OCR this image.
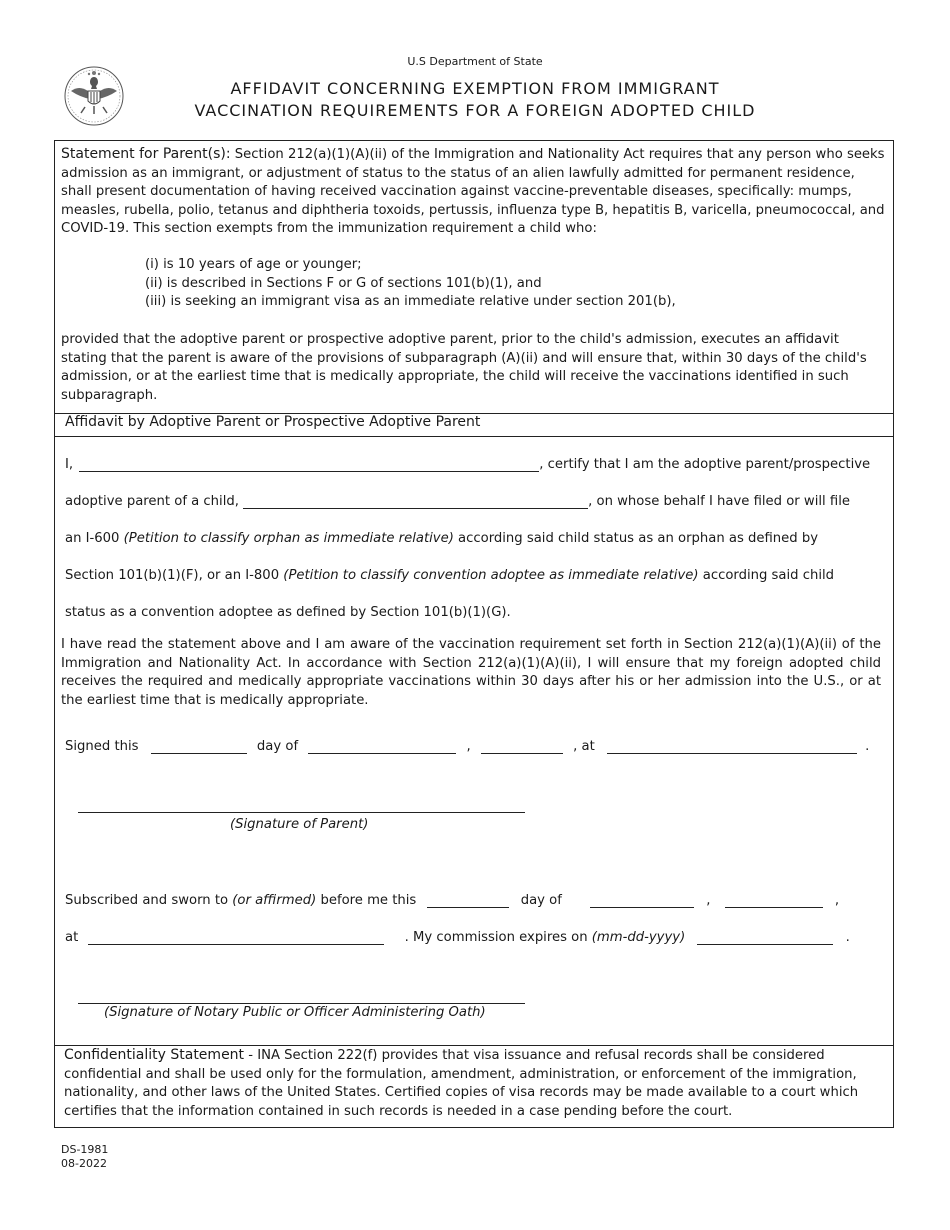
U.S Department of State
AFFIDAVIT CONCERNING EXEMPTION FROM IMMIGRANT
VACCINATION REQUIREMENTS FOR A FOREIGN ADOPTED CHILD
Statement for Parent(s): Section 212(a)(1)(A)(ii) of the Immigration and Nationality Act requires that any person who seeks admission as an immigrant, or adjustment of status to the status of an alien lawfully admitted for permanent residence, shall present documentation of having received vaccination against vaccine-preventable diseases, specifically: mumps, measles, rubella, polio, tetanus and diphtheria toxoids, pertussis, influenza type B, hepatitis B, varicella, pneumococcal, and COVID-19. This section exempts from the immunization requirement a child who:
(i) is 10 years of age or younger;
(ii) is described in Sections F or G of sections 101(b)(1), and
(iii) is seeking an immigrant visa as an immediate relative under section 201(b),
provided that the adoptive parent or prospective adoptive parent, prior to the child's admission, executes an affidavit stating that the parent is aware of the provisions of subparagraph (A)(ii) and will ensure that, within 30 days of the child's admission, or at the earliest time that is medically appropriate, the child will receive the vaccinations identified in such subparagraph.
Affidavit by Adoptive Parent or Prospective Adoptive Parent
I,	, certify that I am the adoptive parent/prospective
adoptive parent of a child,	, on whose behalf I have filed or will file
an I-600 (Petition to classify orphan as immediate relative) according said child status as an orphan as defined by
Section 101(b)(1)(F), or an I-800 (Petition to classify convention adoptee as immediate relative) according said child
status as a convention adoptee as defined by Section 101(b)(1)(G).
I have read the statement above and I am aware of the vaccination requirement set forth in Section 212(a)(1)(A)(ii) of the Immigration and Nationality Act. In accordance with Section 212(a)(1)(A)(ii), I will ensure that my foreign adopted child receives the required and medically appropriate vaccinations within 30 days after his or her admission into the U.S., or at the earliest time that is medically appropriate.
Signed this	day of	,	, at	.
(Signature of Parent)
Subscribed and sworn to (or affirmed) before me this	day of	,	,
at	. My commission expires on (mm-dd-yyyy)	.
(Signature of Notary Public or Officer Administering Oath)
Confidentiality Statement - INA Section 222(f) provides that visa issuance and refusal records shall be considered confidential and shall be used only for the formulation, amendment, administration, or enforcement of the immigration, nationality, and other laws of the United States. Certified copies of visa records may be made available to a court which certifies that the information contained in such records is needed in a case pending before the court.
DS-1981
08-2022
